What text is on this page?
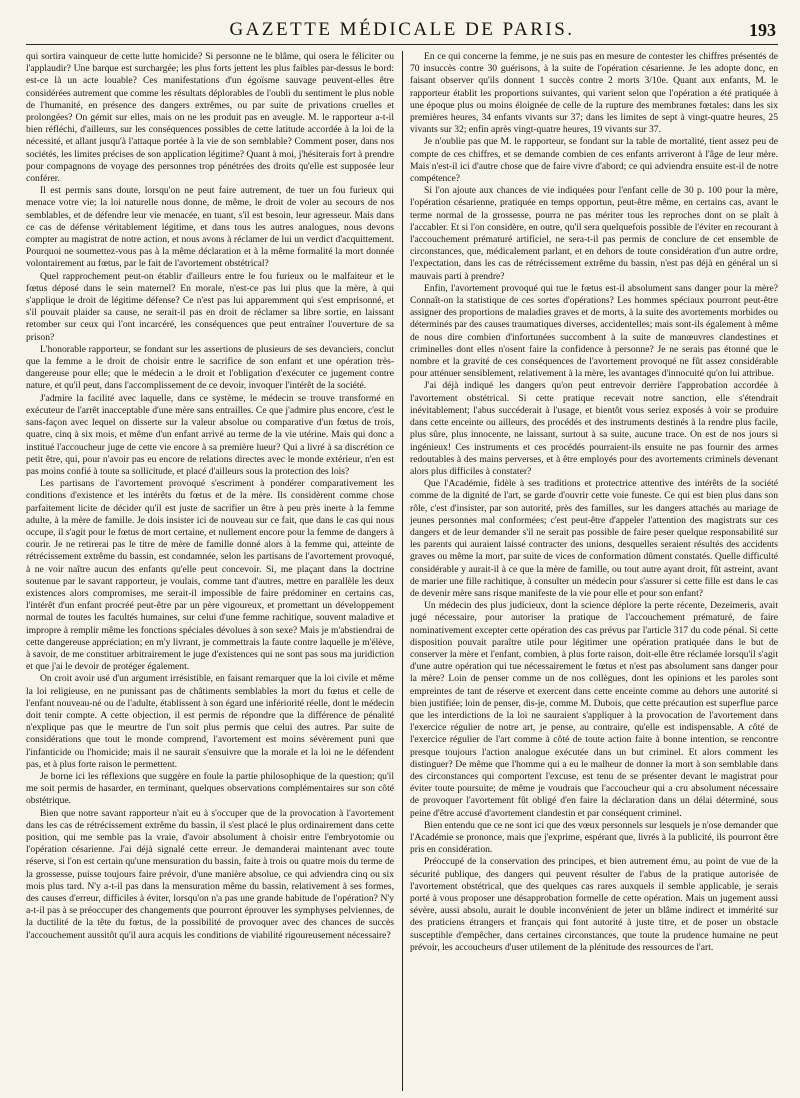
GAZETTE MÉDICALE DE PARIS.	193

qui sortira vainqueur de cette lutte homicide? Si personne ne le blâme, qui osera le féliciter ou l'applaudir? Une barque est surchargée; les plus forts jettent les plus faibles par-dessus le bord: est-ce là un acte louable? Ces manifestations d'un égoïsme sauvage peuvent-elles être considérées autrement que comme les résultats déplorables de l'oubli du sentiment le plus noble de l'humanité, en présence des dangers extrêmes, ou par suite de privations cruelles et prolongées? On gémit sur elles, mais on ne les produit pas en aveugle. M. le rapporteur a-t-il bien réfléchi, d'ailleurs, sur les conséquences possibles de cette latitude accordée à la loi de la nécessité, et allant jusqu'à l'attaque portée à la vie de son semblable? Comment poser, dans nos sociétés, les limites précises de son application légitime? Quant à moi, j'hésiterais fort à prendre pour compagnons de voyage des personnes trop pénétrées des droits qu'elle est supposée leur conférer.

Il est permis sans doute, lorsqu'on ne peut faire autrement, de tuer un fou furieux qui menace votre vie; la loi naturelle nous donne, de même, le droit de voler au secours de nos semblables, et de défendre leur vie menacée, en tuant, s'il est besoin, leur agresseur. Mais dans ce cas de défense véritablement légitime, et dans tous les autres analogues, nous devons compter au magistrat de notre action, et nous avons à réclamer de lui un verdict d'acquittement. Pourquoi ne soumettez-vous pas à la même déclaration et à la même formalité la mort donnée volontairement au fœtus, par le fait de l'avortement obstétrical?

Quel rapprochement peut-on établir d'ailleurs entre le fou furieux ou le malfaiteur et le fœtus déposé dans le sein maternel? En morale, n'est-ce pas lui plus que la mère, à qui s'applique le droit de légitime défense? Ce n'est pas lui apparemment qui s'est emprisonné, et s'il pouvait plaider sa cause, ne serait-il pas en droit de réclamer sa libre sortie, en laissant retomber sur ceux qui l'ont incarcéré, les conséquences que peut entraîner l'ouverture de sa prison?

L'honorable rapporteur, se fondant sur les assertions de plusieurs de ses devanciers, conclut que la femme a le droit de choisir entre le sacrifice de son enfant et une opération très-dangereuse pour elle; que le médecin a le droit et l'obligation d'exécuter ce jugement contre nature, et qu'il peut, dans l'accomplissement de ce devoir, invoquer l'intérêt de la société.

J'admire la facilité avec laquelle, dans ce système, le médecin se trouve transformé en exécuteur de l'arrêt inacceptable d'une mère sans entrailles. Ce que j'admire plus encore, c'est le sans-façon avec lequel on disserte sur la valeur absolue ou comparative d'un fœtus de trois, quatre, cinq à six mois, et même d'un enfant arrivé au terme de la vie utérine. Mais qui donc a institué l'accoucheur juge de cette vie encore à sa première lueur? Qui a livré à sa discrétion ce petit être, qui, pour n'avoir pas eu encore de relations directes avec le monde extérieur, n'en est pas moins confié à toute sa sollicitude, et placé d'ailleurs sous la protection des lois?

Les partisans de l'avortement provoqué s'escriment à pondérer comparativement les conditions d'existence et les intérêts du fœtus et de la mère. Ils considèrent comme chose parfaitement licite de décider qu'il est juste de sacrifier un être à peu près inerte à la femme adulte, à la mère de famille. Je dois insister ici de nouveau sur ce fait, que dans le cas qui nous occupe, il s'agit pour le fœtus de mort certaine, et nullement encore pour la femme de dangers à courir. Je ne retirerai pas le titre de mère de famille donné alors à la femme qui, atteinte de rétrécissement extrême du bassin, est condamnée, selon les partisans de l'avortement provoqué, à ne voir naître aucun des enfants qu'elle peut concevoir. Si, me plaçant dans la doctrine soutenue par le savant rapporteur, je voulais, comme tant d'autres, mettre en parallèle les deux existences alors compromises, me serait-il impossible de faire prédominer en certains cas, l'intérêt d'un enfant procréé peut-être par un père vigoureux, et promettant un développement normal de toutes les facultés humaines, sur celui d'une femme rachitique, souvent maladive et impropre à remplir même les fonctions spéciales dévolues à son sexe? Mais je m'abstiendrai de cette dangereuse appréciation; en m'y livrant, je commettrais la faute contre laquelle je m'élève, à savoir, de me constituer arbitrairement le juge d'existences qui ne sont pas sous ma juridiction et que j'ai le devoir de protéger également.

On croit avoir usé d'un argument irrésistible, en faisant remarquer que la loi civile et même la loi religieuse, en ne punissant pas de châtiments semblables la mort du fœtus et celle de l'enfant nouveau-né ou de l'adulte, établissent à son égard une infériorité réelle, dont le médecin doit tenir compte. A cette objection, il est permis de répondre que la différence de pénalité n'explique pas que le meurtre de l'un soit plus permis que celui des autres. Par suite de considérations que tout le monde comprend, l'avortement est moins sévèrement puni que l'infanticide ou l'homicide; mais il ne saurait s'ensuivre que la morale et la loi ne le défendent pas, et à plus forte raison le permettent.

Je borne ici les réflexions que suggère en foule la partie philosophique de la question; qu'il me soit permis de hasarder, en terminant, quelques observations complémentaires sur son côté obstétrique.

Bien que notre savant rapporteur n'ait eu à s'occuper que de la provocation à l'avortement dans les cas de rétrécissement extrême du bassin, il s'est placé le plus ordinairement dans cette position, qui me semble pas la vraie, d'avoir absolument à choisir entre l'embryotomie ou l'opération césarienne. J'ai déjà signalé cette erreur. Je demanderai maintenant avec toute réserve, si l'on est certain qu'une mensuration du bassin, faite à trois ou quatre mois du terme de la grossesse, puisse toujours faire prévoir, d'une manière absolue, ce qui adviendra cinq ou six mois plus tard. N'y a-t-il pas dans la mensuration même du bassin, relativement à ses formes, des causes d'erreur, difficiles à éviter, lorsqu'on n'a pas une grande habitude de l'opération? N'y a-t-il pas à se préoccuper des changements que pourront éprouver les symphyses pelviennes, de la ductilité de la tête du fœtus, de la possibilité de provoquer avec des chances de succès l'accouchement aussitôt qu'il aura acquis les conditions de viabilité rigoureusement nécessaire?

En ce qui concerne la femme, je ne suis pas en mesure de contester les chiffres présentés de 70 insuccès contre 30 guérisons, à la suite de l'opération césarienne. Je les adopte donc, en faisant observer qu'ils donnent 1 succès contre 2 morts 3/10e. Quant aux enfants, M. le rapporteur établit les proportions suivantes, qui varient selon que l'opération a été pratiquée à une époque plus ou moins éloignée de celle de la rupture des membranes fœtales: dans les six premières heures, 34 enfants vivants sur 37; dans les limites de sept à vingt-quatre heures, 25 vivants sur 32; enfin après vingt-quatre heures, 19 vivants sur 37.

Je n'oublie pas que M. le rapporteur, se fondant sur la table de mortalité, tient assez peu de compte de ces chiffres, et se demande combien de ces enfants arriveront à l'âge de leur mère. Mais n'est-il ici d'autre chose que de faire vivre d'abord; ce qui adviendra ensuite est-il de notre compétence?

Si l'on ajoute aux chances de vie indiquées pour l'enfant celle de 30 p. 100 pour la mère, l'opération césarienne, pratiquée en temps opportun, peut-être même, en certains cas, avant le terme normal de la grossesse, pourra ne pas mériter tous les reproches dont on se plaît à l'accabler. Et si l'on considère, en outre, qu'il sera quelquefois possible de l'éviter en recourant à l'accouchement prématuré artificiel, ne sera-t-il pas permis de conclure de cet ensemble de circonstances, que, médicalement parlant, et en dehors de toute considération d'un autre ordre, l'expectation, dans les cas de rétrécissement extrême du bassin, n'est pas déjà en général un si mauvais parti à prendre?

Enfin, l'avortement provoqué qui tue le fœtus est-il absolument sans danger pour la mère? Connaît-on la statistique de ces sortes d'opérations? Les hommes spéciaux pourront peut-être assigner des proportions de maladies graves et de morts, à la suite des avortements morbides ou déterminés par des causes traumatiques diverses, accidentelles; mais sont-ils également à même de nous dire combien d'infortunées succombent à la suite de manœuvres clandestines et criminelles dont elles n'osent faire la confidence à personne? Je ne serais pas étonné que le nombre et la gravité de ces conséquences de l'avortement provoqué ne fût assez considérable pour atténuer sensiblement, relativement à la mère, les avantages d'innocuité qu'on lui attribue.

J'ai déjà indiqué les dangers qu'on peut entrevoir derrière l'approbation accordée à l'avortement obstétrical. Si cette pratique recevait notre sanction, elle s'étendrait inévitablement; l'abus succéderait à l'usage, et bientôt vous seriez exposés à voir se produire dans cette enceinte ou ailleurs, des procédés et des instruments destinés à la rendre plus facile, plus sûre, plus innocente, ne laissant, surtout à sa suite, aucune trace. On est de nos jours si ingénieux! Ces instruments et ces procédés pourraient-ils ensuite ne pas fournir des armes redoutables à des mains perverses, et à être employés pour des avortements criminels devenant alors plus difficiles à constater?

Que l'Académie, fidèle à ses traditions et protectrice attentive des intérêts de la société comme de la dignité de l'art, se garde d'ouvrir cette voie funeste. Ce qui est bien plus dans son rôle, c'est d'insister, par son autorité, près des familles, sur les dangers attachés au mariage de jeunes personnes mal conformées; c'est peut-être d'appeler l'attention des magistrats sur ces dangers et de leur demander s'il ne serait pas possible de faire peser quelque responsabilité sur les parents qui auraient laissé contracter des unions, desquelles seraient résultés des accidents graves ou même la mort, par suite de vices de conformation dûment constatés. Quelle difficulté considérable y aurait-il à ce que la mère de famille, ou tout autre ayant droit, fût astreint, avant de marier une fille rachitique, à consulter un médecin pour s'assurer si cette fille est dans le cas de devenir mère sans risque manifeste de la vie pour elle et pour son enfant?

Un médecin des plus judicieux, dont la science déplore la perte récente, Dezeimeris, avait jugé nécessaire, pour autoriser la pratique de l'accouchement prématuré, de faire nominativement excepter cette opération des cas prévus par l'article 317 du code pénal. Si cette disposition pouvait paraître utile pour légitimer une opération pratiquée dans le but de conserver la mère et l'enfant, combien, à plus forte raison, doit-elle être réclamée lorsqu'il s'agit d'une autre opération qui tue nécessairement le fœtus et n'est pas absolument sans danger pour la mère? Loin de penser comme un de nos collègues, dont les opinions et les paroles sont empreintes de tant de réserve et exercent dans cette enceinte comme au dehors une autorité si bien justifiée; loin de penser, dis-je, comme M. Dubois, que cette précaution est superflue parce que les interdictions de la loi ne sauraient s'appliquer à la provocation de l'avortement dans l'exercice régulier de notre art, je pense, au contraire, qu'elle est indispensable. A côté de l'exercice régulier de l'art comme à côté de toute action faite à bonne intention, se rencontre presque toujours l'action analogue exécutée dans un but criminel. Et alors comment les distinguer? De même que l'homme qui a eu le malheur de donner la mort à son semblable dans des circonstances qui comportent l'excuse, est tenu de se présenter devant le magistrat pour éviter toute poursuite; de même je voudrais que l'accoucheur qui a cru absolument nécessaire de provoquer l'avortement fût obligé d'en faire la déclaration dans un délai déterminé, sous peine d'être accusé d'avortement clandestin et par conséquent criminel.

Bien entendu que ce ne sont ici que des vœux personnels sur lesquels je n'ose demander que l'Académie se prononce, mais que j'exprime, espérant que, livrés à la publicité, ils pourront être pris en considération.

Préoccupé de la conservation des principes, et bien autrement ému, au point de vue de la sécurité publique, des dangers qui peuvent résulter de l'abus de la pratique autorisée de l'avortement obstétrical, que des quelques cas rares auxquels il semble applicable, je serais porté à vous proposer une désapprobation formelle de cette opération. Mais un jugement aussi sévère, aussi absolu, aurait le double inconvénient de jeter un blâme indirect et immérité sur des praticiens étrangers et français qui font autorité à juste titre, et de poser un obstacle susceptible d'empêcher, dans certaines circonstances, que toute la prudence humaine ne peut prévoir, les accoucheurs d'user utilement de la plénitude des ressources de l'art.
